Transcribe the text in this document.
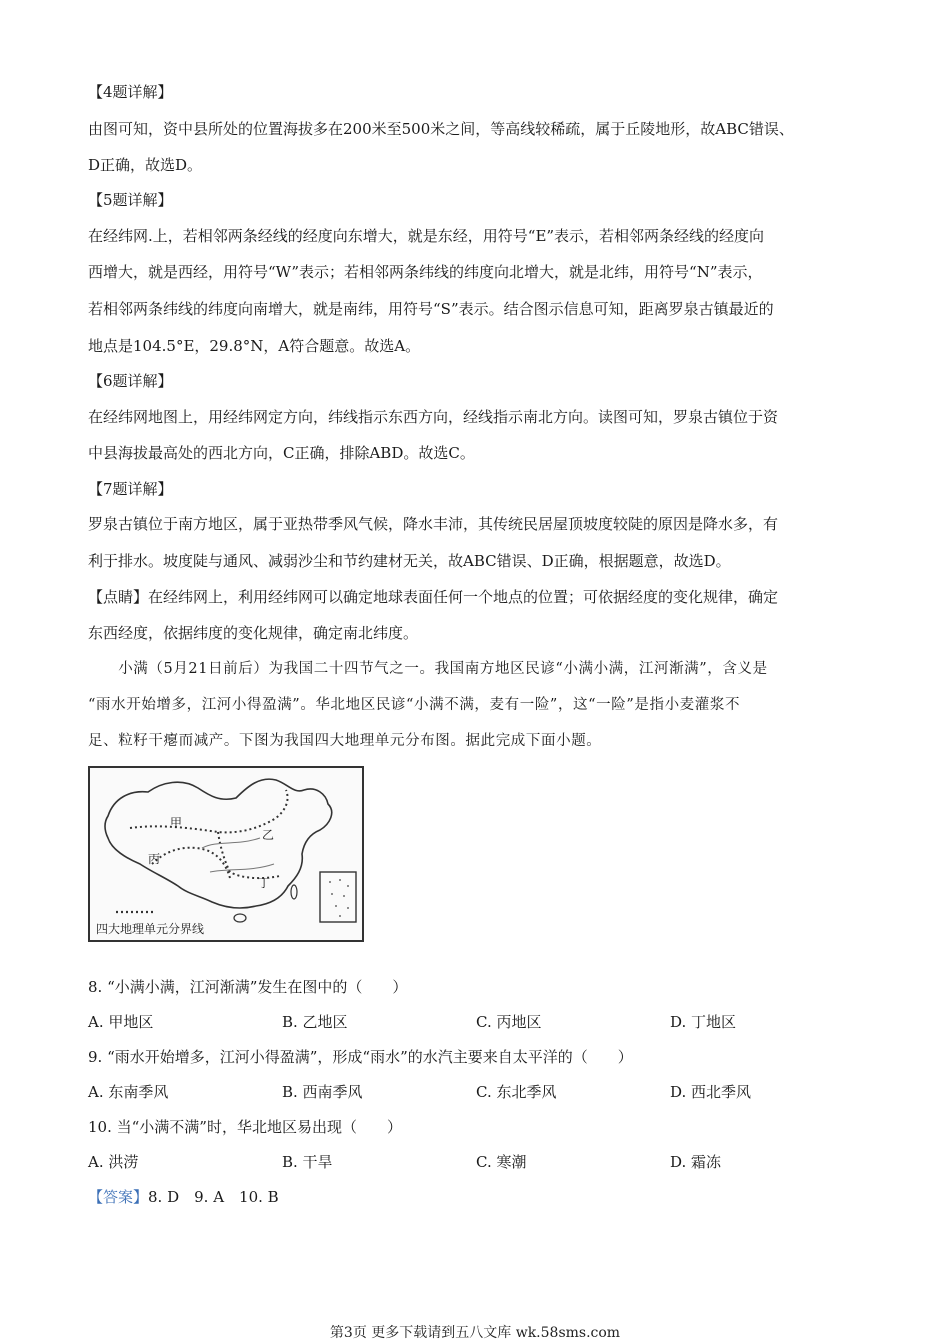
【4题详解】
由图可知，资中县所处的位置海拔多在200米至500米之间，等高线较稀疏，属于丘陵地形，故ABC错误、
D正确，故选D。
【5题详解】
在经纬网.上，若相邻两条经线的经度向东增大，就是东经，用符号“E”表示，若相邻两条经线的经度向
西增大，就是西经，用符号“W”表示；若相邻两条纬线的纬度向北增大，就是北纬，用符号“N”表示，
若相邻两条纬线的纬度向南增大，就是南纬，用符号“S”表示。结合图示信息可知，距离罗泉古镇最近的
地点是104.5°E，29.8°N，A符合题意。故选A。
【6题详解】
在经纬网地图上，用经纬网定方向，纬线指示东西方向，经线指示南北方向。读图可知，罗泉古镇位于资
中县海拔最高处的西北方向，C正确，排除ABD。故选C。
【7题详解】
罗泉古镇位于南方地区，属于亚热带季风气候，降水丰沛，其传统民居屋顶坡度较陡的原因是降水多，有
利于排水。坡度陡与通风、减弱沙尘和节约建材无关，故ABC错误、D正确，根据题意，故选D。
【点睛】在经纬网上，利用经纬网可以确定地球表面任何一个地点的位置；可依据经度的变化规律，确定
东西经度，依据纬度的变化规律，确定南北纬度。
　　小满（5月21日前后）为我国二十四节气之一。我国南方地区民谚“小满小满，江河渐满”，含义是
“雨水开始增多，江河小得盈满”。华北地区民谚“小满不满，麦有一险”，这“一险”是指小麦灌浆不
足、粒籽干瘪而减产。下图为我国四大地理单元分布图。据此完成下面小题。
甲
乙
丙
丁
四大地理单元分界线
8. “小满小满，江河渐满”发生在图中的（　　）
A. 甲地区	B. 乙地区	C. 丙地区	D. 丁地区
9. “雨水开始增多，江河小得盈满”，形成“雨水”的水汽主要来自太平洋的（　　）
A. 东南季风	B. 西南季风	C. 东北季风	D. 西北季风
10. 当“小满不满”时，华北地区易出现（　　）
A. 洪涝	B. 干旱	C. 寒潮	D. 霜冻
【答案】8. D　9. A　10. B
第3页 更多下载请到五八文库 wk.58sms.com
